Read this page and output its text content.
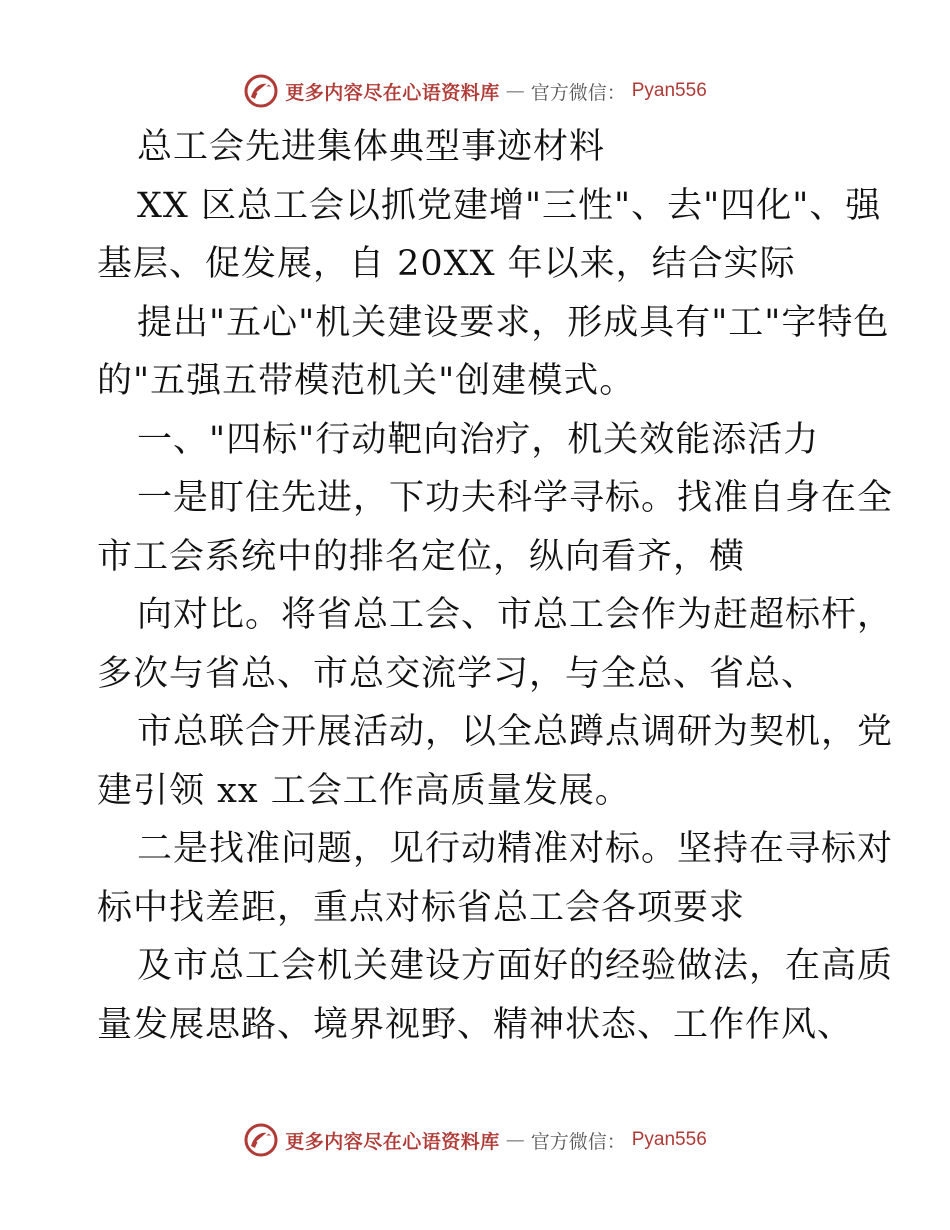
更多内容尽在心语资料库 — 官方微信： Pyan556
总工会先进集体典型事迹材料
XX 区总工会以抓党建增"三性"、去"四化"、强
基层、促发展，自 20XX 年以来，结合实际
提出"五心"机关建设要求，形成具有"工"字特色
的"五强五带模范机关"创建模式。
一、"四标"行动靶向治疗，机关效能添活力
一是盯住先进，下功夫科学寻标。找准自身在全
市工会系统中的排名定位，纵向看齐，横
向对比。将省总工会、市总工会作为赶超标杆，
多次与省总、市总交流学习，与全总、省总、
市总联合开展活动，以全总蹲点调研为契机，党
建引领 xx 工会工作高质量发展。
二是找准问题，见行动精准对标。坚持在寻标对
标中找差距，重点对标省总工会各项要求
及市总工会机关建设方面好的经验做法，在高质
量发展思路、境界视野、精神状态、工作作风、
更多内容尽在心语资料库 — 官方微信： Pyan556
